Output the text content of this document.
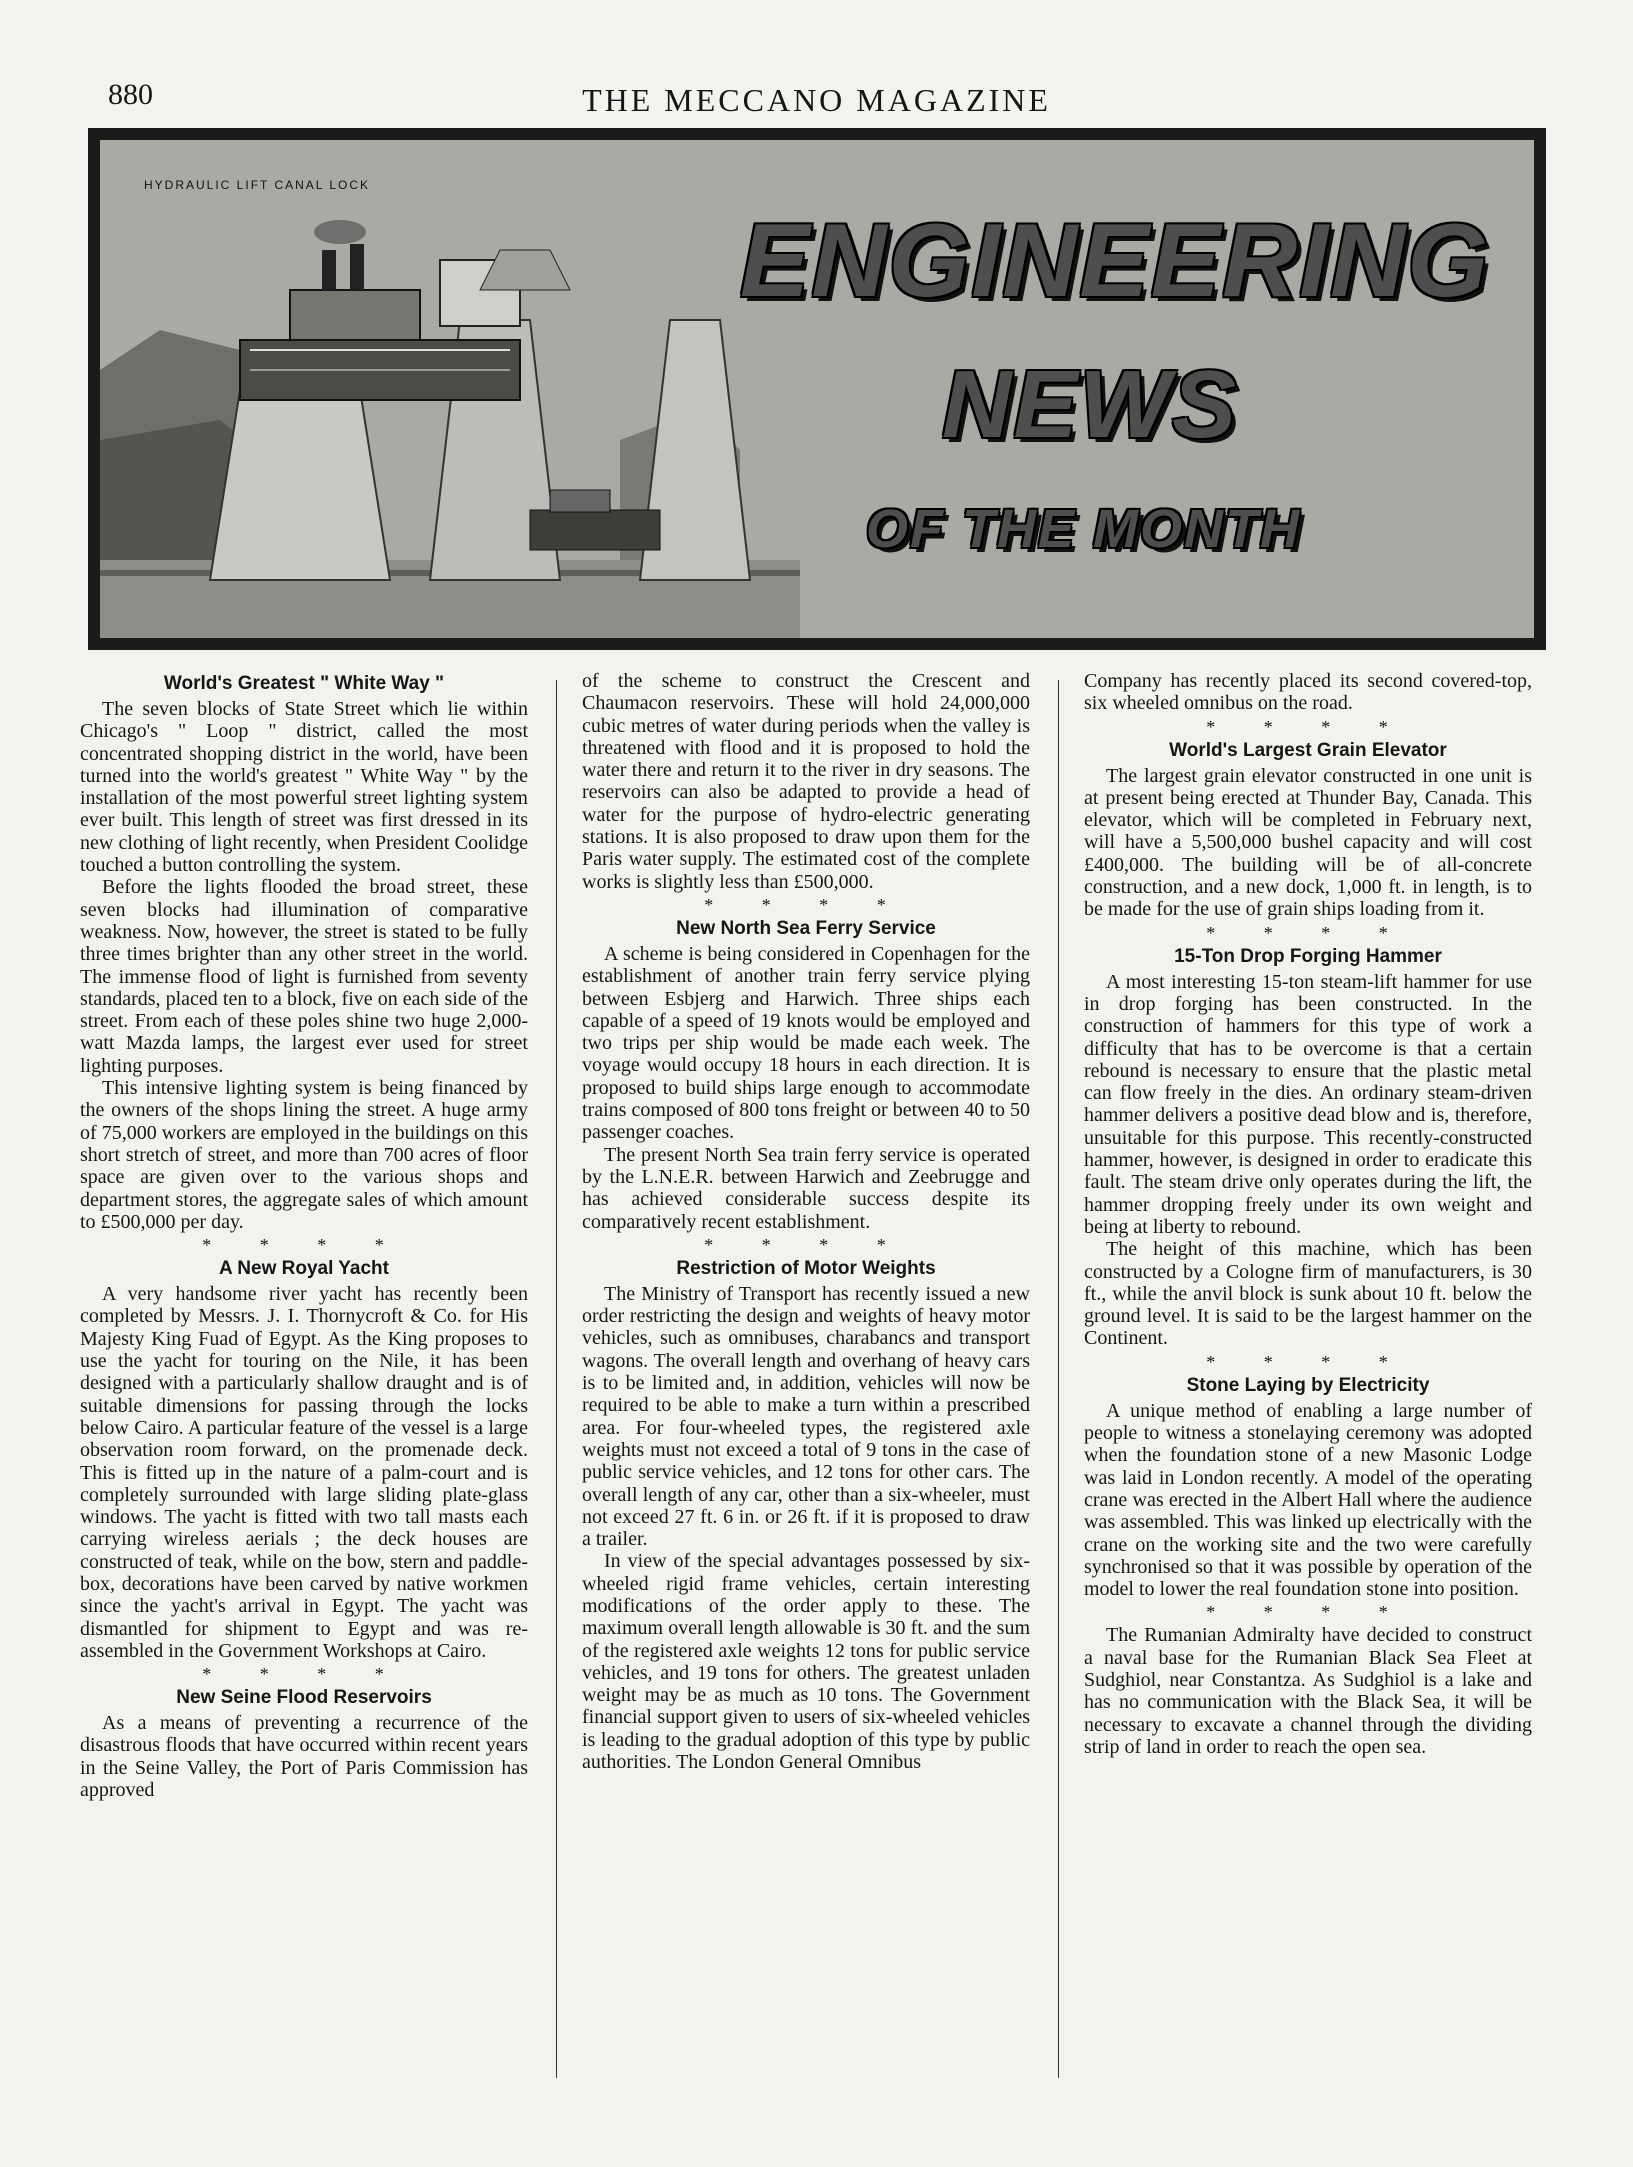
880	THE MECCANO MAGAZINE
HYDRAULIC LIFT CANAL LOCK
ENGINEERING
NEWS
OF THE MONTH
World's Greatest " White Way "

The seven blocks of State Street which lie within Chicago's " Loop " district, called the most concentrated shopping district in the world, have been turned into the world's greatest " White Way " by the installation of the most powerful street lighting system ever built. This length of street was first dressed in its new clothing of light recently, when President Coolidge touched a button controlling the system.

Before the lights flooded the broad street, these seven blocks had illumination of comparative weakness. Now, however, the street is stated to be fully three times brighter than any other street in the world. The immense flood of light is furnished from seventy standards, placed ten to a block, five on each side of the street. From each of these poles shine two huge 2,000-watt Mazda lamps, the largest ever used for street lighting purposes.

This intensive lighting system is being financed by the owners of the shops lining the street. A huge army of 75,000 workers are employed in the buildings on this short stretch of street, and more than 700 acres of floor space are given over to the various shops and department stores, the aggregate sales of which amount to £500,000 per day.

* * * *
A New Royal Yacht

A very handsome river yacht has recently been completed by Messrs. J. I. Thornycroft & Co. for His Majesty King Fuad of Egypt. As the King proposes to use the yacht for touring on the Nile, it has been designed with a particularly shallow draught and is of suitable dimensions for passing through the locks below Cairo. A particular feature of the vessel is a large observation room forward, on the promenade deck. This is fitted up in the nature of a palm-court and is completely surrounded with large sliding plate-glass windows. The yacht is fitted with two tall masts each carrying wireless aerials ; the deck houses are constructed of teak, while on the bow, stern and paddle-box, decorations have been carved by native workmen since the yacht's arrival in Egypt. The yacht was dismantled for shipment to Egypt and was re-assembled in the Government Workshops at Cairo.

* * * *
New Seine Flood Reservoirs

As a means of preventing a recurrence of the disastrous floods that have occurred within recent years in the Seine Valley, the Port of Paris Commission has approved

of the scheme to construct the Crescent and Chaumacon reservoirs. These will hold 24,000,000 cubic metres of water during periods when the valley is threatened with flood and it is proposed to hold the water there and return it to the river in dry seasons. The reservoirs can also be adapted to provide a head of water for the purpose of hydro-electric generating stations. It is also proposed to draw upon them for the Paris water supply. The estimated cost of the complete works is slightly less than £500,000.

* * * *
New North Sea Ferry Service

A scheme is being considered in Copenhagen for the establishment of another train ferry service plying between Esbjerg and Harwich. Three ships each capable of a speed of 19 knots would be employed and two trips per ship would be made each week. The voyage would occupy 18 hours in each direction. It is proposed to build ships large enough to accommodate trains composed of 800 tons freight or between 40 to 50 passenger coaches.

The present North Sea train ferry service is operated by the L.N.E.R. between Harwich and Zeebrugge and has achieved considerable success despite its comparatively recent establishment.

* * * *
Restriction of Motor Weights

The Ministry of Transport has recently issued a new order restricting the design and weights of heavy motor vehicles, such as omnibuses, charabancs and transport wagons. The overall length and overhang of heavy cars is to be limited and, in addition, vehicles will now be required to be able to make a turn within a prescribed area. For four-wheeled types, the registered axle weights must not exceed a total of 9 tons in the case of public service vehicles, and 12 tons for other cars. The overall length of any car, other than a six-wheeler, must not exceed 27 ft. 6 in. or 26 ft. if it is proposed to draw a trailer.

In view of the special advantages possessed by six-wheeled rigid frame vehicles, certain interesting modifications of the order apply to these. The maximum overall length allowable is 30 ft. and the sum of the registered axle weights 12 tons for public service vehicles, and 19 tons for others. The greatest unladen weight may be as much as 10 tons. The Government financial support given to users of six-wheeled vehicles is leading to the gradual adoption of this type by public authorities. The London General Omnibus

Company has recently placed its second covered-top, six wheeled omnibus on the road.

* * * *
World's Largest Grain Elevator

The largest grain elevator constructed in one unit is at present being erected at Thunder Bay, Canada. This elevator, which will be completed in February next, will have a 5,500,000 bushel capacity and will cost £400,000. The building will be of all-concrete construction, and a new dock, 1,000 ft. in length, is to be made for the use of grain ships loading from it.

* * * *
15-Ton Drop Forging Hammer

A most interesting 15-ton steam-lift hammer for use in drop forging has been constructed. In the construction of hammers for this type of work a difficulty that has to be overcome is that a certain rebound is necessary to ensure that the plastic metal can flow freely in the dies. An ordinary steam-driven hammer delivers a positive dead blow and is, therefore, unsuitable for this purpose. This recently-constructed hammer, however, is designed in order to eradicate this fault. The steam drive only operates during the lift, the hammer dropping freely under its own weight and being at liberty to rebound.

The height of this machine, which has been constructed by a Cologne firm of manufacturers, is 30 ft., while the anvil block is sunk about 10 ft. below the ground level. It is said to be the largest hammer on the Continent.

* * * *
Stone Laying by Electricity

A unique method of enabling a large number of people to witness a stonelaying ceremony was adopted when the foundation stone of a new Masonic Lodge was laid in London recently. A model of the operating crane was erected in the Albert Hall where the audience was assembled. This was linked up electrically with the crane on the working site and the two were carefully synchronised so that it was possible by operation of the model to lower the real foundation stone into position.

* * * *

The Rumanian Admiralty have decided to construct a naval base for the Rumanian Black Sea Fleet at Sudghiol, near Constantza. As Sudghiol is a lake and has no communication with the Black Sea, it will be necessary to excavate a channel through the dividing strip of land in order to reach the open sea.
